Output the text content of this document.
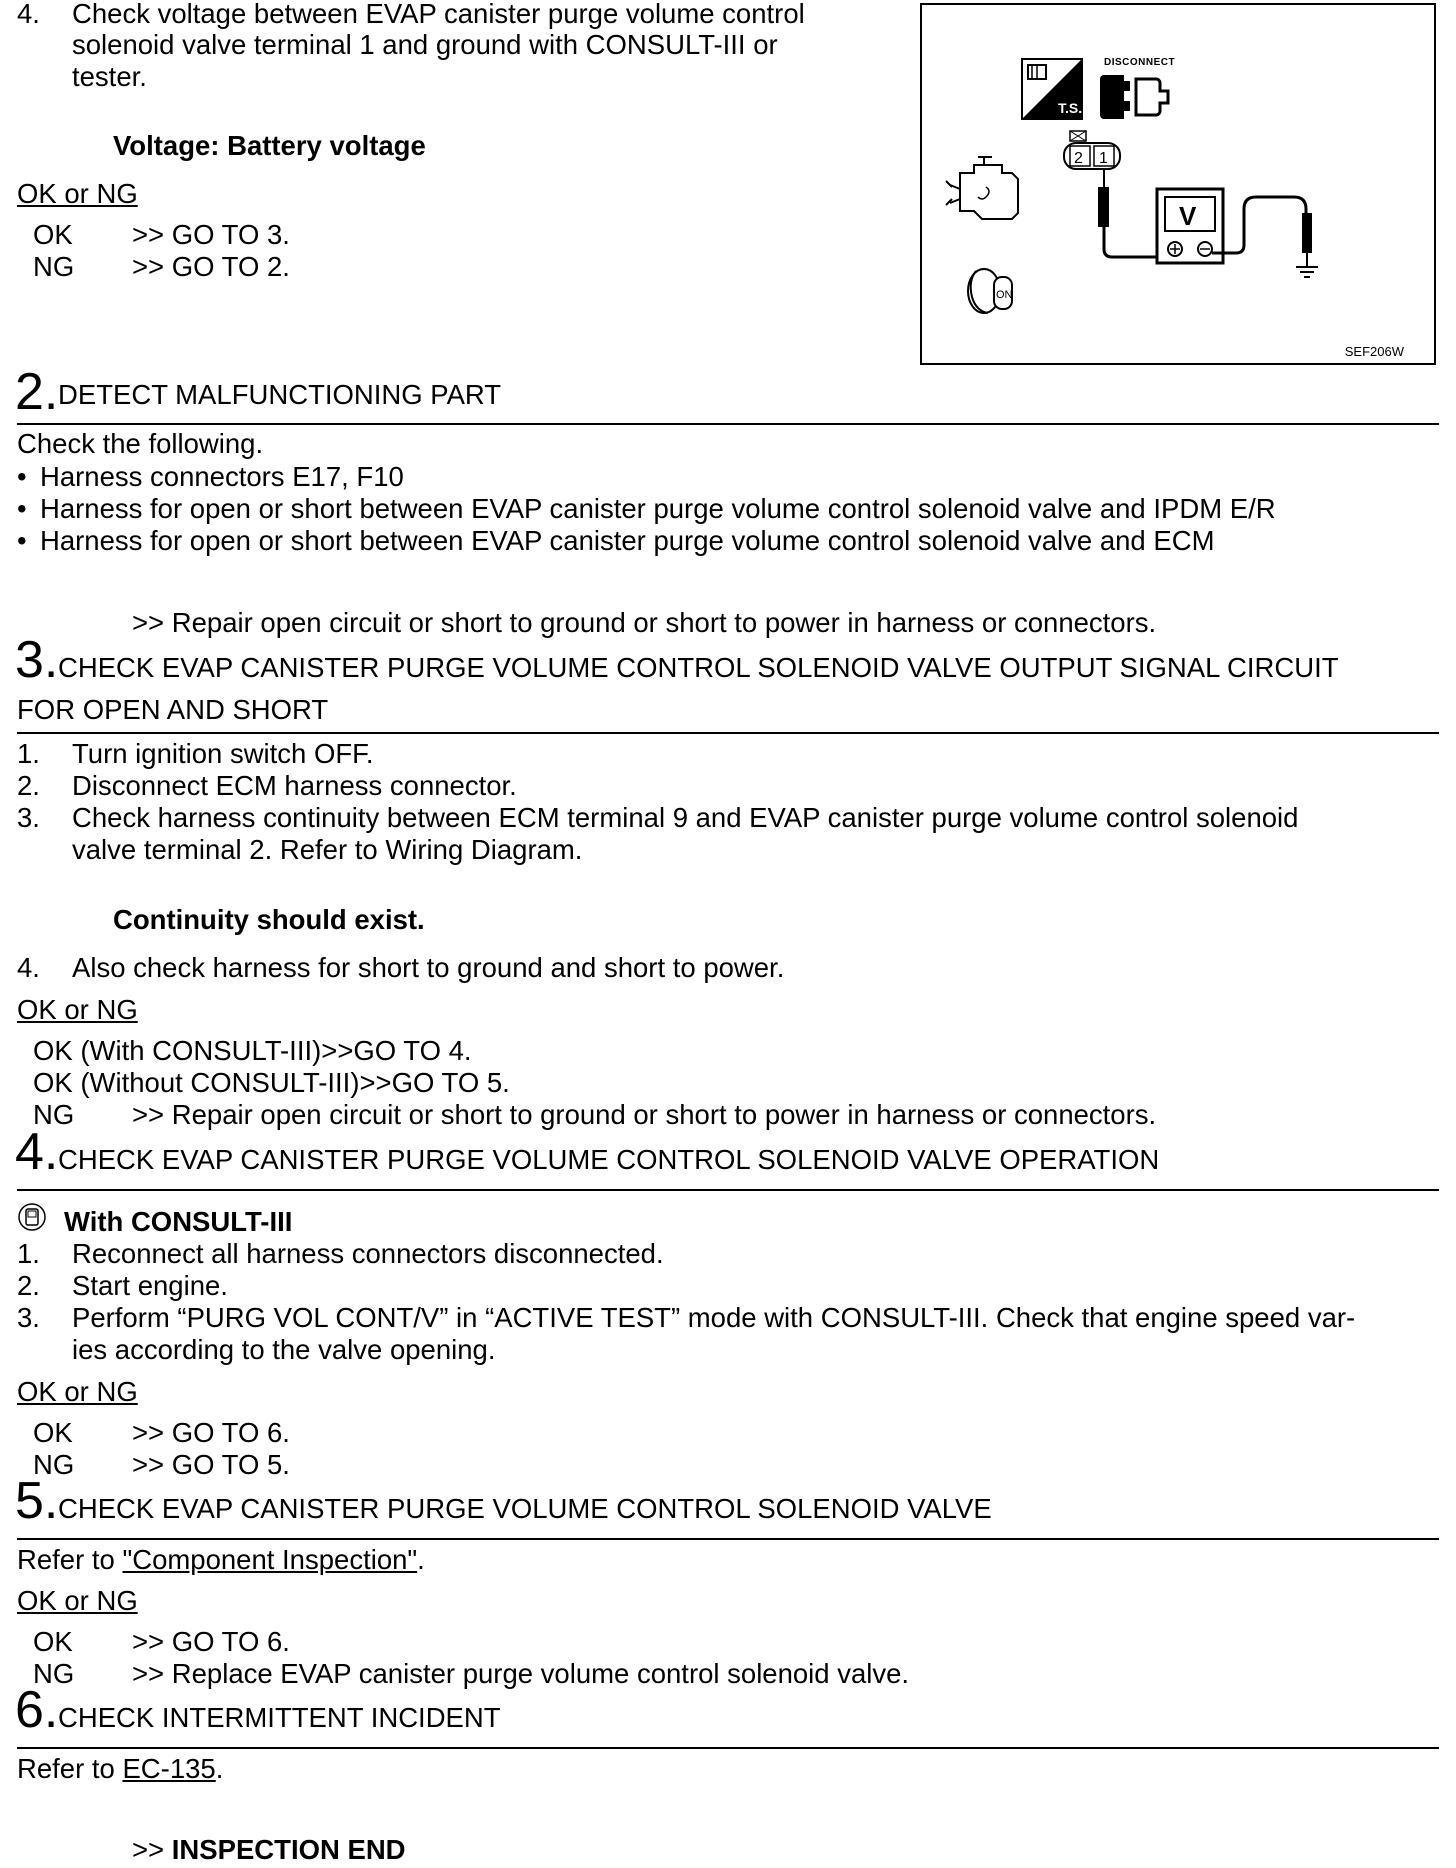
4. Check voltage between EVAP canister purge volume control
solenoid valve terminal 1 and ground with CONSULT-III or
tester.
Voltage: Battery voltage
OK or NG
OK >> GO TO 3.
NG >> GO TO 2.
T.S.
2 1
V
ON
DISCONNECT
SEF206W
2. DETECT MALFUNCTIONING PART
Check the following.
• Harness connectors E17, F10
• Harness for open or short between EVAP canister purge volume control solenoid valve and IPDM E/R
• Harness for open or short between EVAP canister purge volume control solenoid valve and ECM
>> Repair open circuit or short to ground or short to power in harness or connectors.
3. CHECK EVAP CANISTER PURGE VOLUME CONTROL SOLENOID VALVE OUTPUT SIGNAL CIRCUIT
FOR OPEN AND SHORT
1. Turn ignition switch OFF.
2. Disconnect ECM harness connector.
3. Check harness continuity between ECM terminal 9 and EVAP canister purge volume control solenoid
valve terminal 2. Refer to Wiring Diagram.
Continuity should exist.
4. Also check harness for short to ground and short to power.
OK or NG
OK (With CONSULT-III)>>GO TO 4.
OK (Without CONSULT-III)>>GO TO 5.
NG >> Repair open circuit or short to ground or short to power in harness or connectors.
4. CHECK EVAP CANISTER PURGE VOLUME CONTROL SOLENOID VALVE OPERATION
With CONSULT-III
1. Reconnect all harness connectors disconnected.
2. Start engine.
3. Perform “PURG VOL CONT/V” in “ACTIVE TEST” mode with CONSULT-III. Check that engine speed var-
ies according to the valve opening.
OK or NG
OK >> GO TO 6.
NG >> GO TO 5.
5. CHECK EVAP CANISTER PURGE VOLUME CONTROL SOLENOID VALVE
Refer to "Component Inspection".
OK or NG
OK >> GO TO 6.
NG >> Replace EVAP canister purge volume control solenoid valve.
6. CHECK INTERMITTENT INCIDENT
Refer to EC-135.
>> INSPECTION END
